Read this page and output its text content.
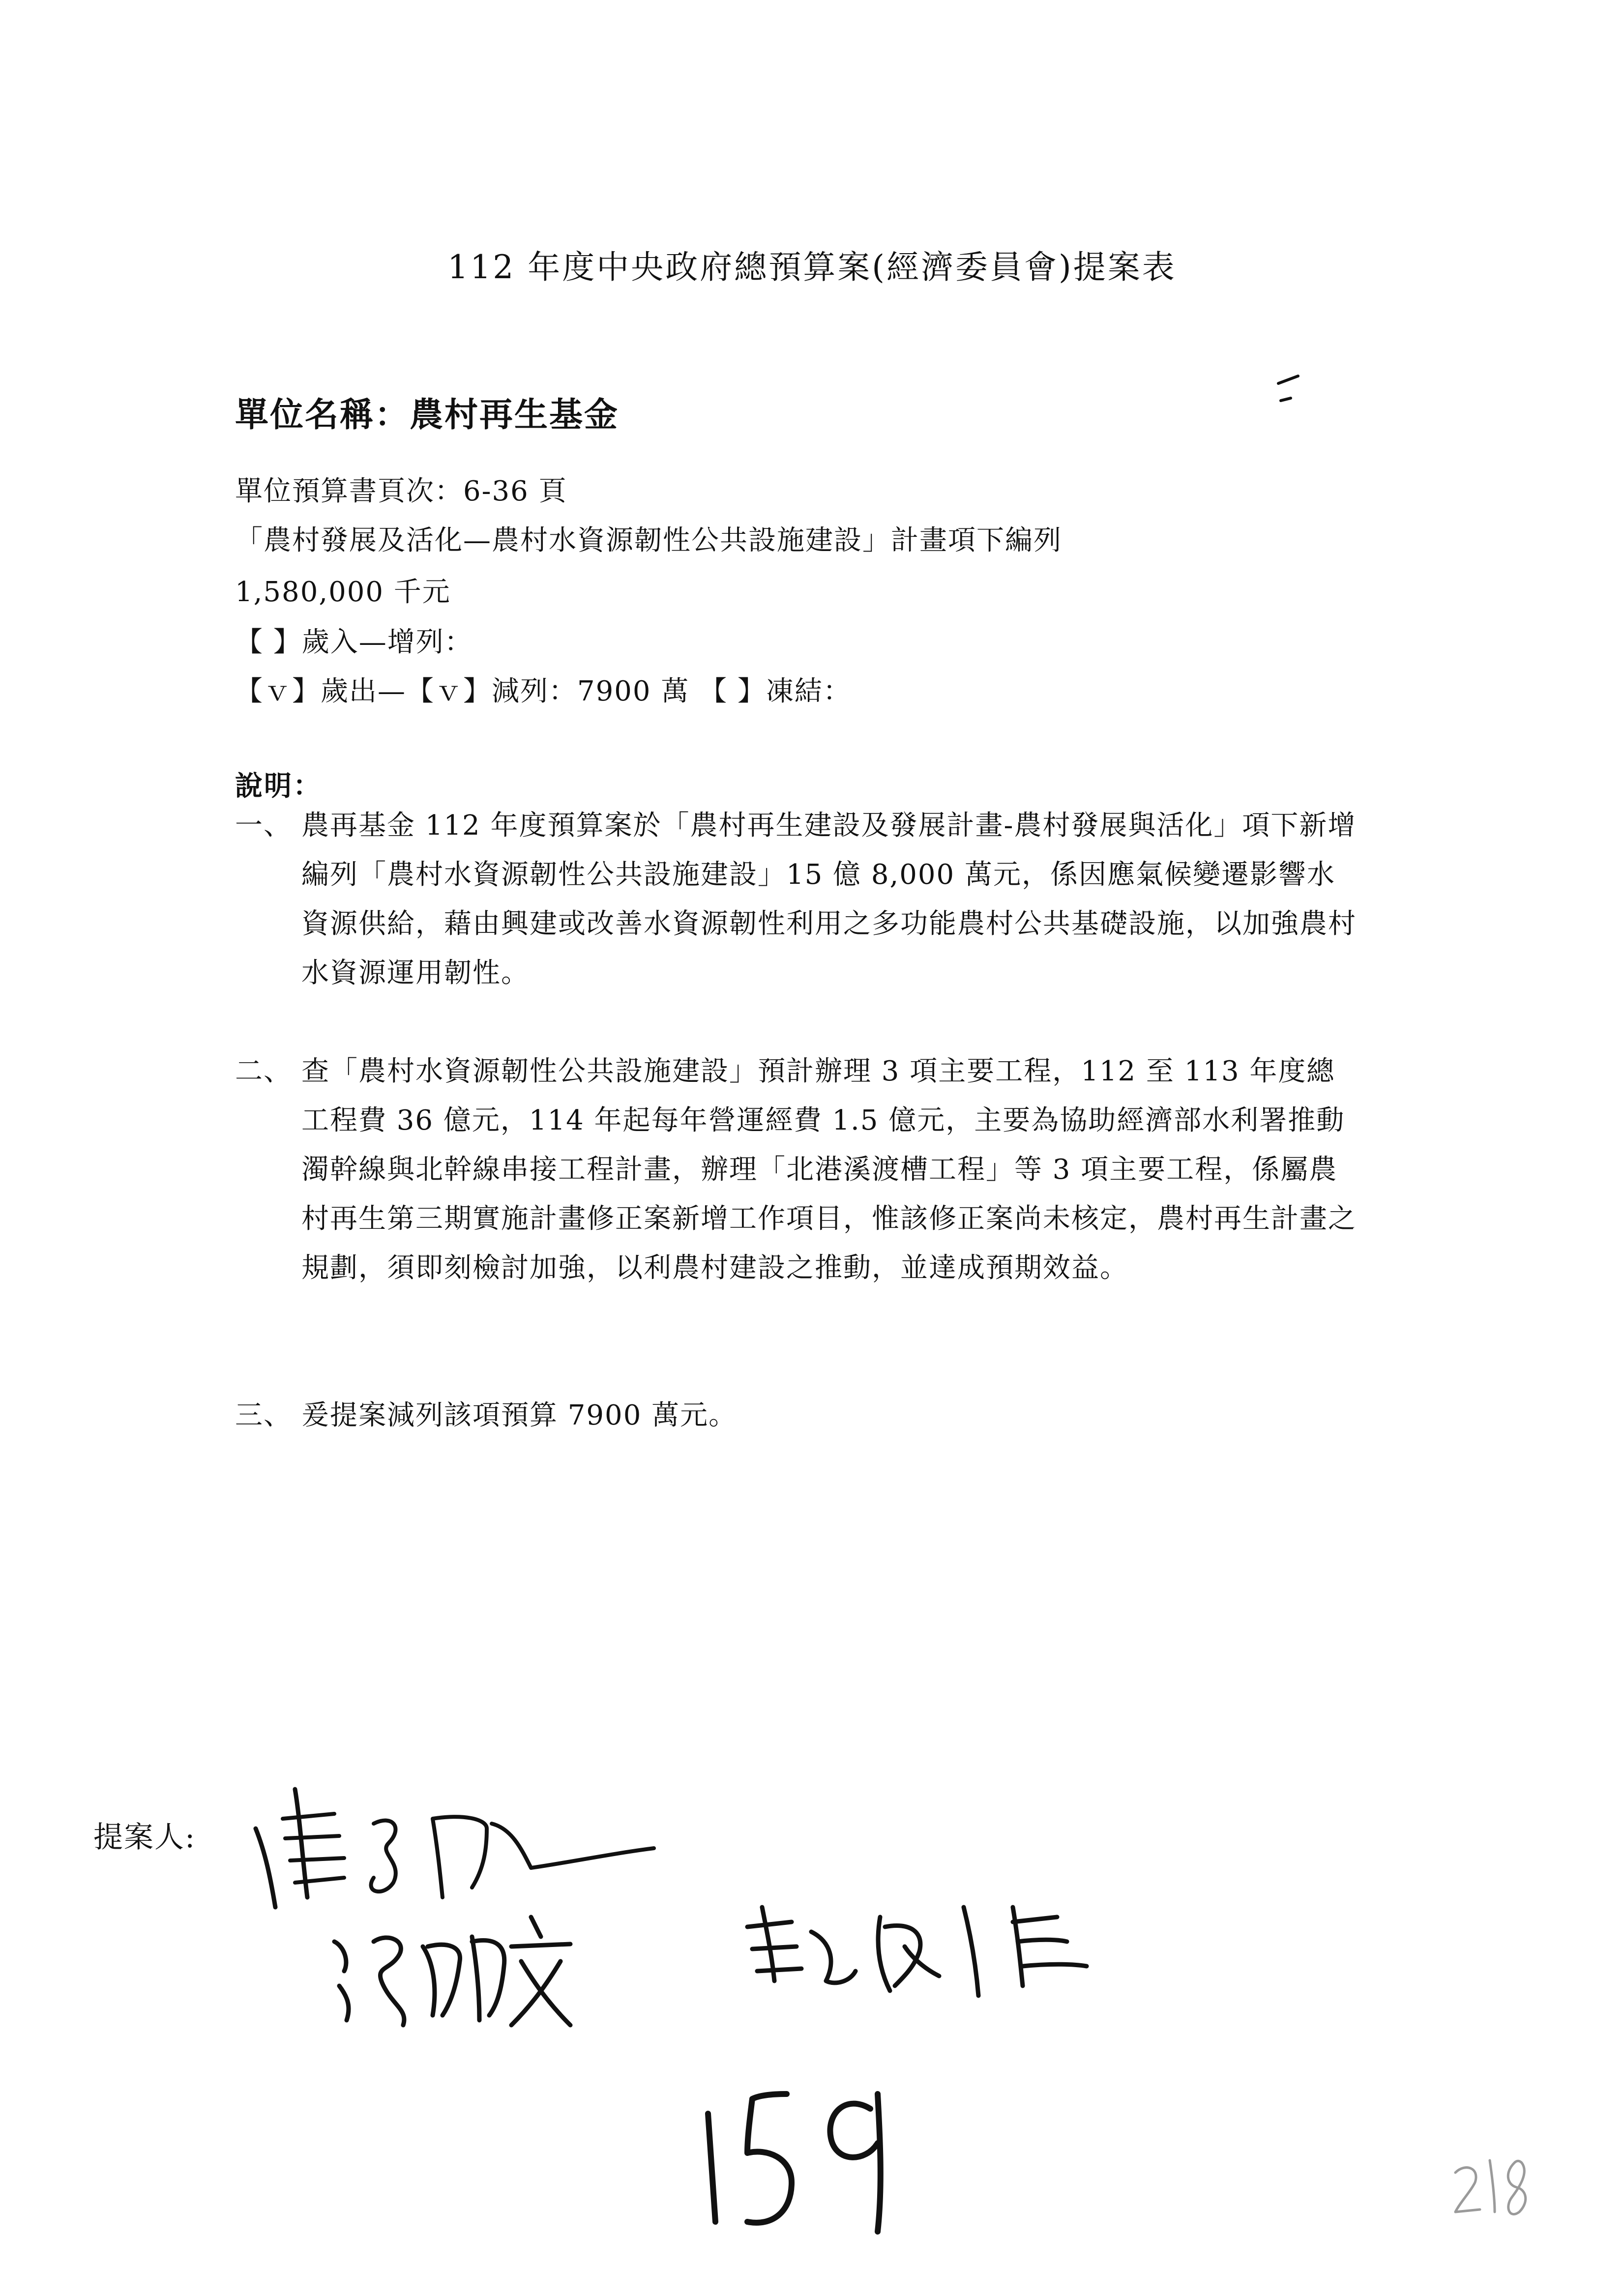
112 年度中央政府總預算案(經濟委員會)提案表
單位名稱：農村再生基金
單位預算書頁次：6-36 頁
「農村發展及活化—農村水資源韌性公共設施建設」計畫項下編列
1,580,000 千元
【 】歲入—增列：
【ｖ】歲出—【ｖ】減列：7900 萬 【 】凍結：
說明：
一、 農再基金 112 年度預算案於「農村再生建設及發展計畫-農村發展與活化」項下新增編列「農村水資源韌性公共設施建設」15 億 8,000 萬元，係因應氣候變遷影響水資源供給，藉由興建或改善水資源韌性利用之多功能農村公共基礎設施，以加強農村水資源運用韌性。
二、 查「農村水資源韌性公共設施建設」預計辦理 3 項主要工程，112 至 113 年度總工程費 36 億元，114 年起每年營運經費 1.5 億元，主要為協助經濟部水利署推動濁幹線與北幹線串接工程計畫，辦理「北港溪渡槽工程」等 3 項主要工程，係屬農村再生第三期實施計畫修正案新增工作項目，惟該修正案尚未核定，農村再生計畫之規劃，須即刻檢討加強，以利農村建設之推動，並達成預期效益。
三、 爰提案減列該項預算 7900 萬元。
提案人:
